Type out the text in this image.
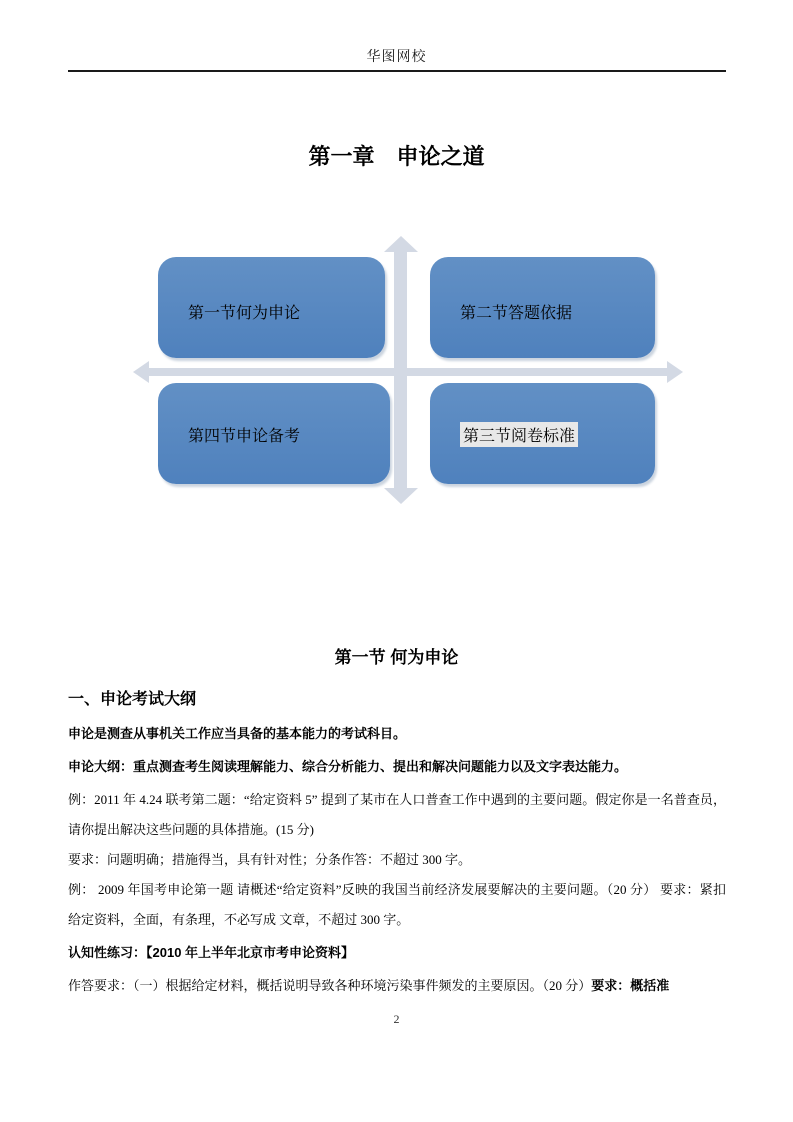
华图网校
第一章　申论之道
第一节何为申论	第二节答题依据
第四节申论备考	第三节阅卷标准
第一节 何为申论
一、申论考试大纲

申论是测查从事机关工作应当具备的基本能力的考试科目。

申论大纲：重点测查考生阅读理解能力、综合分析能力、提出和解决问题能力以及文字表达能力。

例：2011 年 4.24 联考第二题：“给定资料 5” 提到了某市在人口普查工作中遇到的主要问题。假定你是一名普查员，请你提出解决这些问题的具体措施。(15 分)

要求：问题明确；措施得当，具有针对性；分条作答：不超过 300 字。

例： 2009 年国考申论第一题 请概述“给定资料”反映的我国当前经济发展要解决的主要问题。（20 分） 要求：紧扣给定资料，全面，有条理，不必写成 文章，不超过 300 字。

认知性练习：【2010 年上半年北京市考申论资料】

作答要求：（一）根据给定材料，概括说明导致各种环境污染事件频发的主要原因。（20 分）要求：概括准

2
